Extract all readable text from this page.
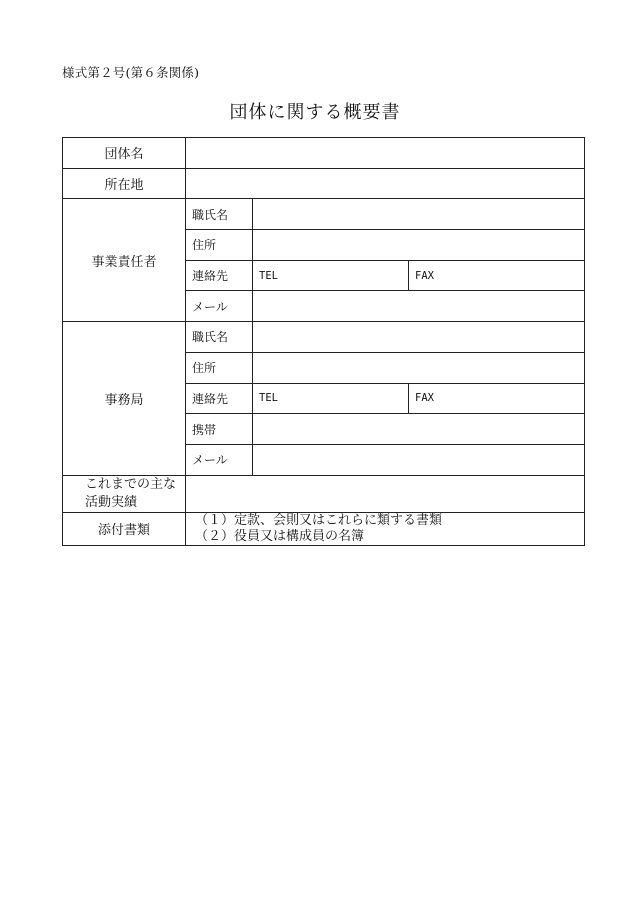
様式第２号(第６条関係)
団体に関する概要書
団体名			
所在地			
事業責任者	職氏名		
	住所		
	連絡先	TEL	FAX
	メール		
事務局	職氏名		
	住所		
	連絡先	TEL	FAX
	携帯		
	メール		

これまでの主な
活動実績			

添付書類	（１）定款、会則又はこれらに類する書類
（２）役員又は構成員の名簿		
